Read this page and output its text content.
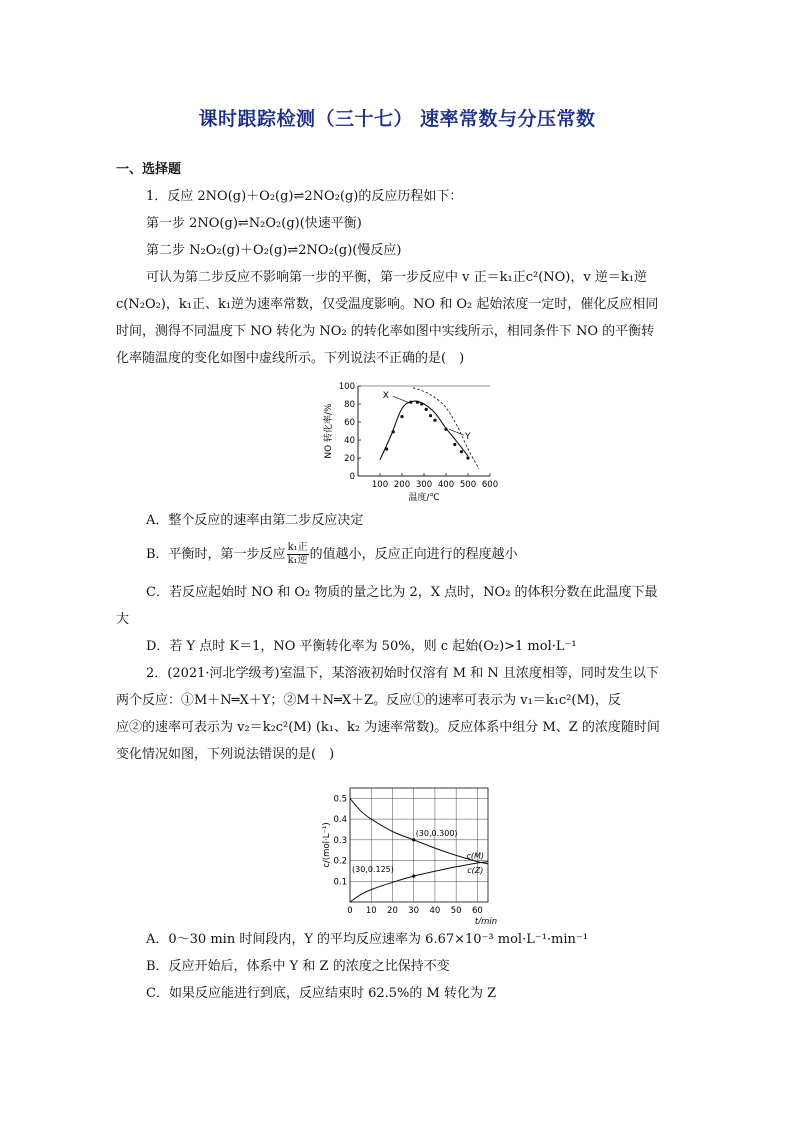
课时跟踪检测（三十七） 速率常数与分压常数
一、选择题
1．反应 2NO(g)＋O₂(g)⇌2NO₂(g)的反应历程如下：
第一步 2NO(g)⇌N₂O₂(g)(快速平衡)
第二步 N₂O₂(g)＋O₂(g)⇌2NO₂(g)(慢反应)
可认为第二步反应不影响第一步的平衡，第一步反应中 v 正＝k₁正c²(NO)，v 逆＝k₁逆
c(N₂O₂)，k₁正、k₁逆为速率常数，仅受温度影响。NO 和 O₂ 起始浓度一定时，催化反应相同
时间，测得不同温度下 NO 转化为 NO₂ 的转化率如图中实线所示，相同条件下 NO 的平衡转
化率随温度的变化如图中虚线所示。下列说法不正确的是(　)
100 200 300 400 500 600
0
20
40
60
80
100
温度/℃
NO 转化率/%
X
Y
A．整个反应的速率由第二步反应决定
B．平衡时，第一步反应 $\frac{\text{k₁正}}{\text{k₁逆}}$ 的值越小，反应正向进行的程度越小
C．若反应起始时 NO 和 O₂ 物质的量之比为 2，X 点时，NO₂ 的体积分数在此温度下最
大
D．若 Y 点时 K＝1，NO 平衡转化率为 50%，则 c 起始(O₂)>1 mol·L⁻¹
2．(2021·河北学级考)室温下，某溶液初始时仅溶有 M 和 N 且浓度相等，同时发生以下
两个反应：①M＋N═X＋Y；②M＋N═X＋Z。反应①的速率可表示为 v₁＝k₁c²(M)，反
应②的速率可表示为 v₂＝k₂c²(M) (k₁、k₂ 为速率常数)。反应体系中组分 M、Z 的浓度随时间
变化情况如图，下列说法错误的是(　)
0 10 20 30 40 50 60
0.1
0.2
0.3
0.4
0.5
t/min
c/(mol·L⁻¹)	c(M)
c(Z)
(30,0.300)
(30,0.125)
A．0～30 min 时间段内，Y 的平均反应速率为 6.67×10⁻³ mol·L⁻¹·min⁻¹
B．反应开始后，体系中 Y 和 Z 的浓度之比保持不变
C．如果反应能进行到底，反应结束时 62.5%的 M 转化为 Z
